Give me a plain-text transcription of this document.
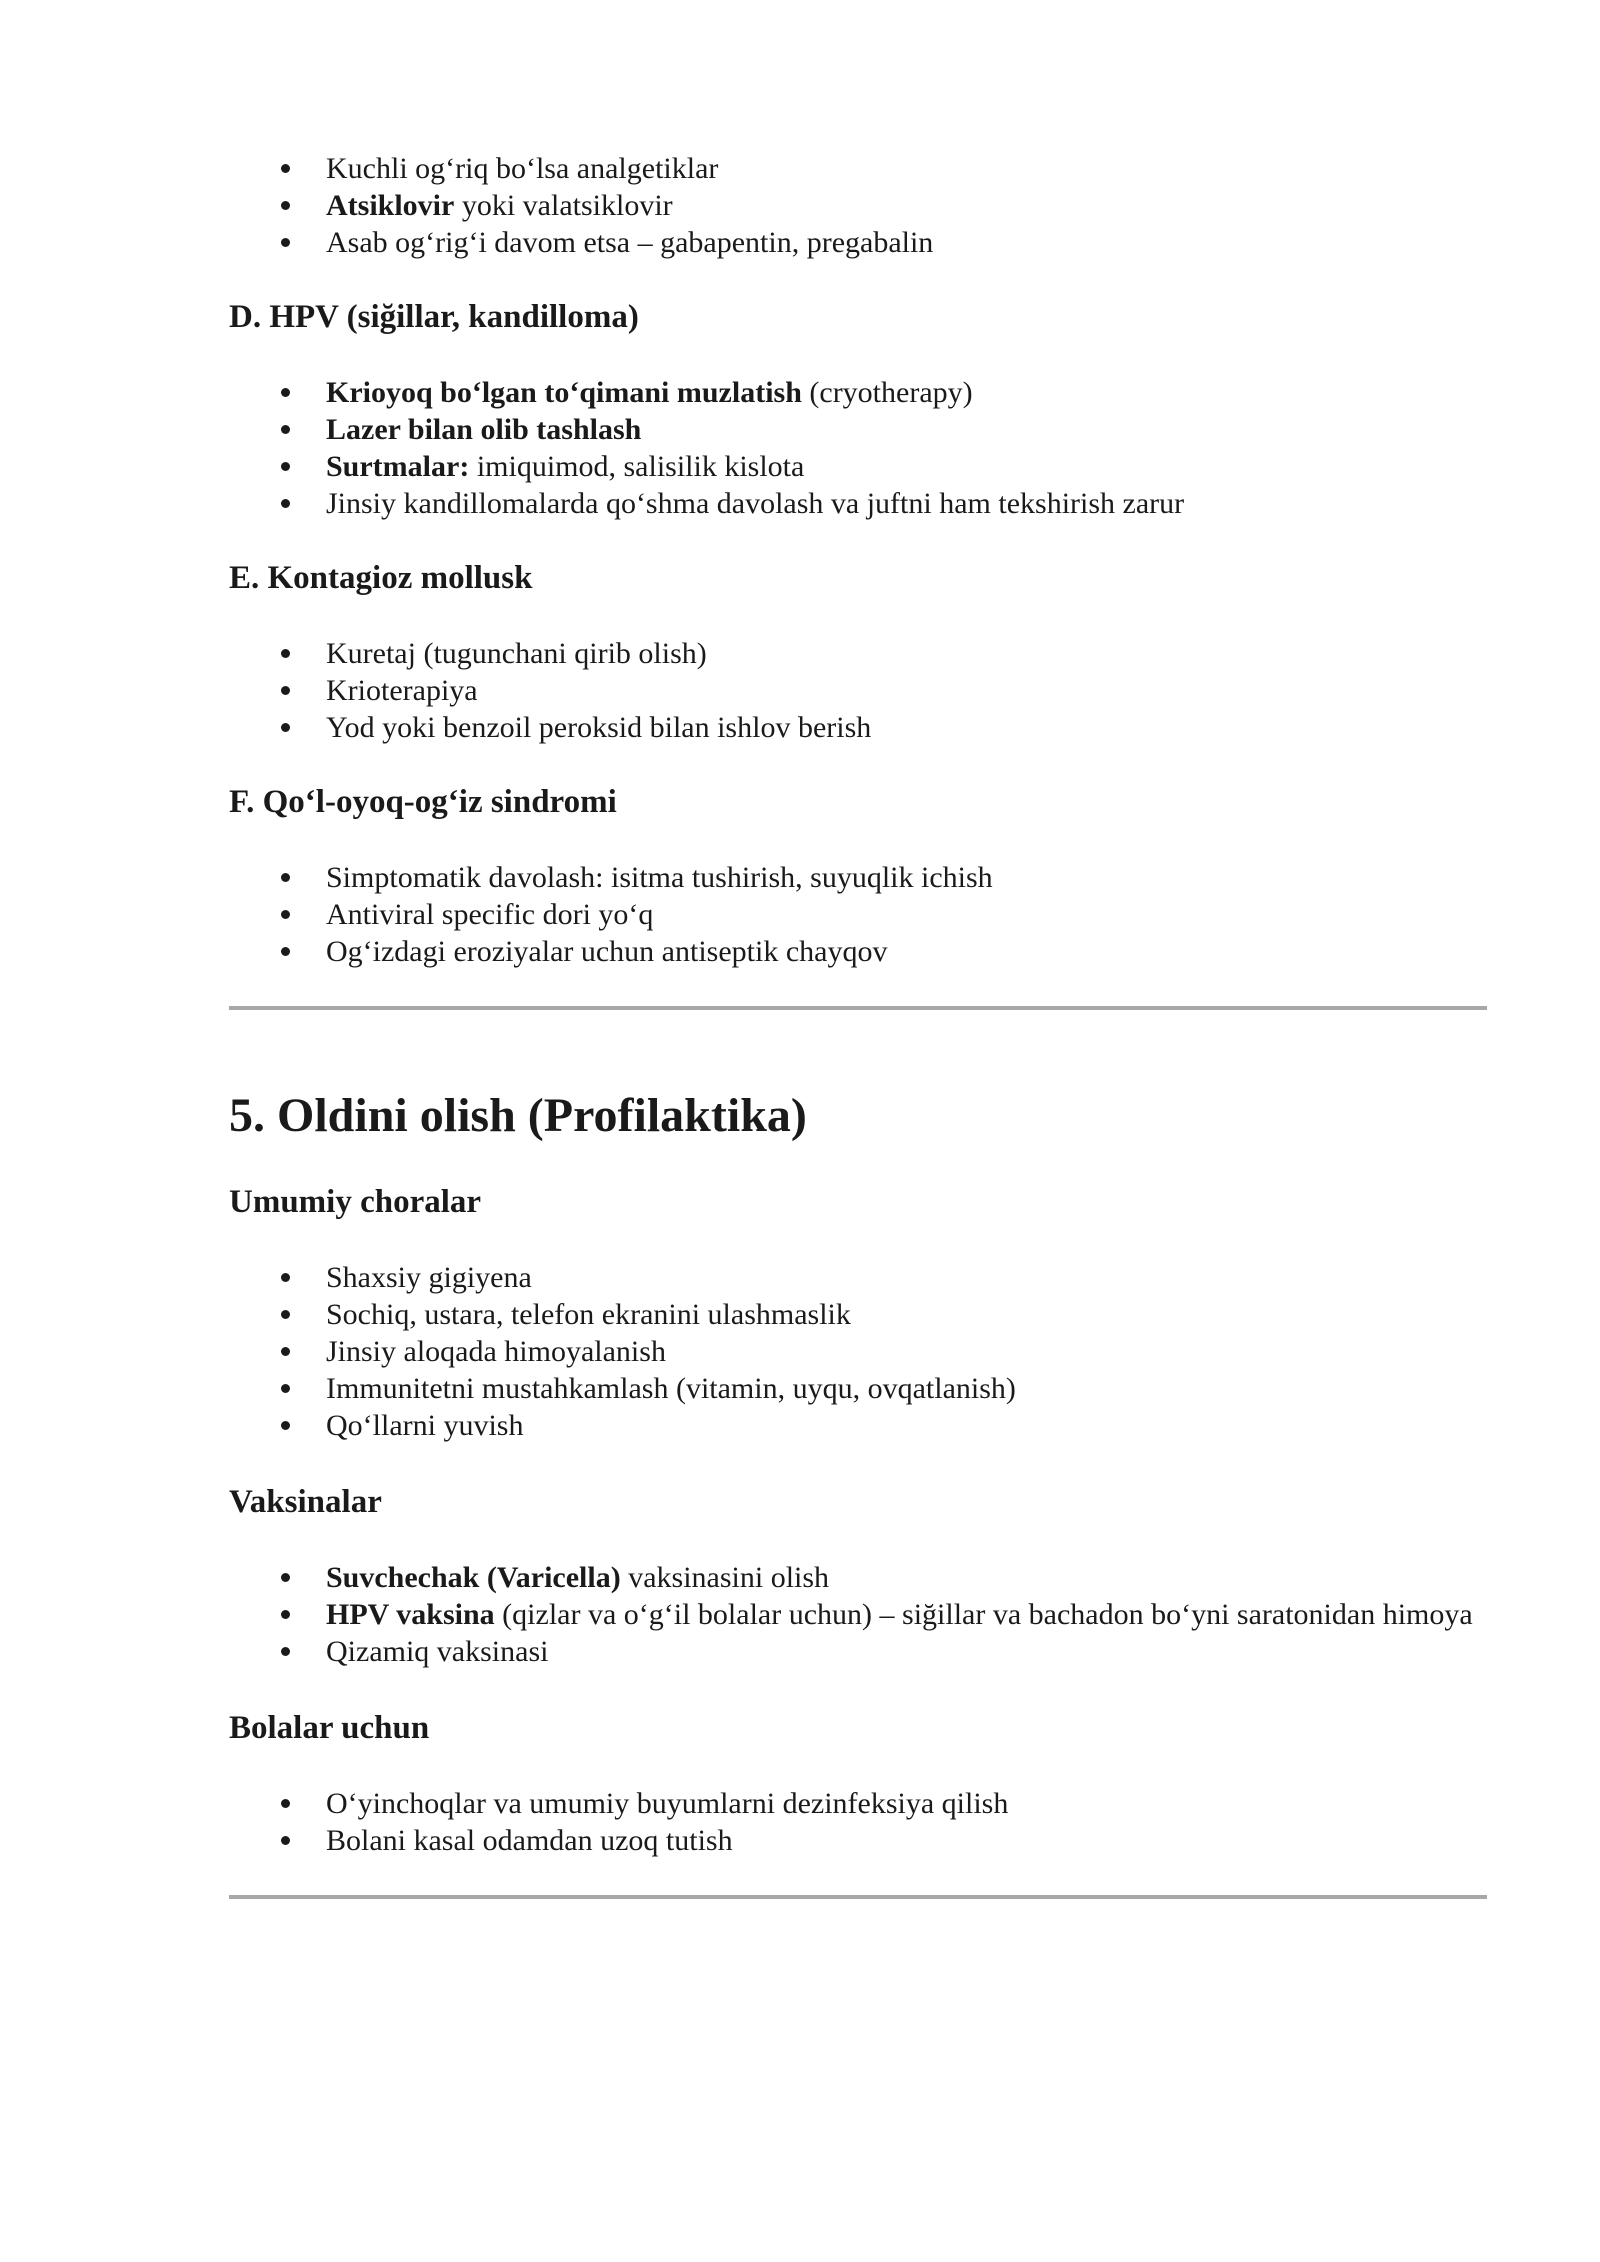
Kuchli og‘riq bo‘lsa analgetiklar
Atsiklovir yoki valatsiklovir
Asab og‘rig‘i davom etsa – gabapentin, pregabalin
D. HPV (siğillar, kandilloma)
Krioyoq bo‘lgan to‘qimani muzlatish (cryotherapy)
Lazer bilan olib tashlash
Surtmalar: imiquimod, salisilik kislota
Jinsiy kandillomalarda qo‘shma davolash va juftni ham tekshirish zarur
E. Kontagioz mollusk
Kuretaj (tugunchani qirib olish)
Krioterapiya
Yod yoki benzoil peroksid bilan ishlov berish
F. Qo‘l-oyoq-og‘iz sindromi
Simptomatik davolash: isitma tushirish, suyuqlik ichish
Antiviral specific dori yo‘q
Og‘izdagi eroziyalar uchun antiseptik chayqov
5. Oldini olish (Profilaktika)
Umumiy choralar
Shaxsiy gigiyena
Sochiq, ustara, telefon ekranini ulashmaslik
Jinsiy aloqada himoyalanish
Immunitetni mustahkamlash (vitamin, uyqu, ovqatlanish)
Qo‘llarni yuvish
Vaksinalar
Suvchechak (Varicella) vaksinasini olish
HPV vaksina (qizlar va o‘g‘il bolalar uchun) – siğillar va bachadon bo‘yni saratonidan himoya
Qizamiq vaksinasi
Bolalar uchun
O‘yinchoqlar va umumiy buyumlarni dezinfeksiya qilish
Bolani kasal odamdan uzoq tutish
